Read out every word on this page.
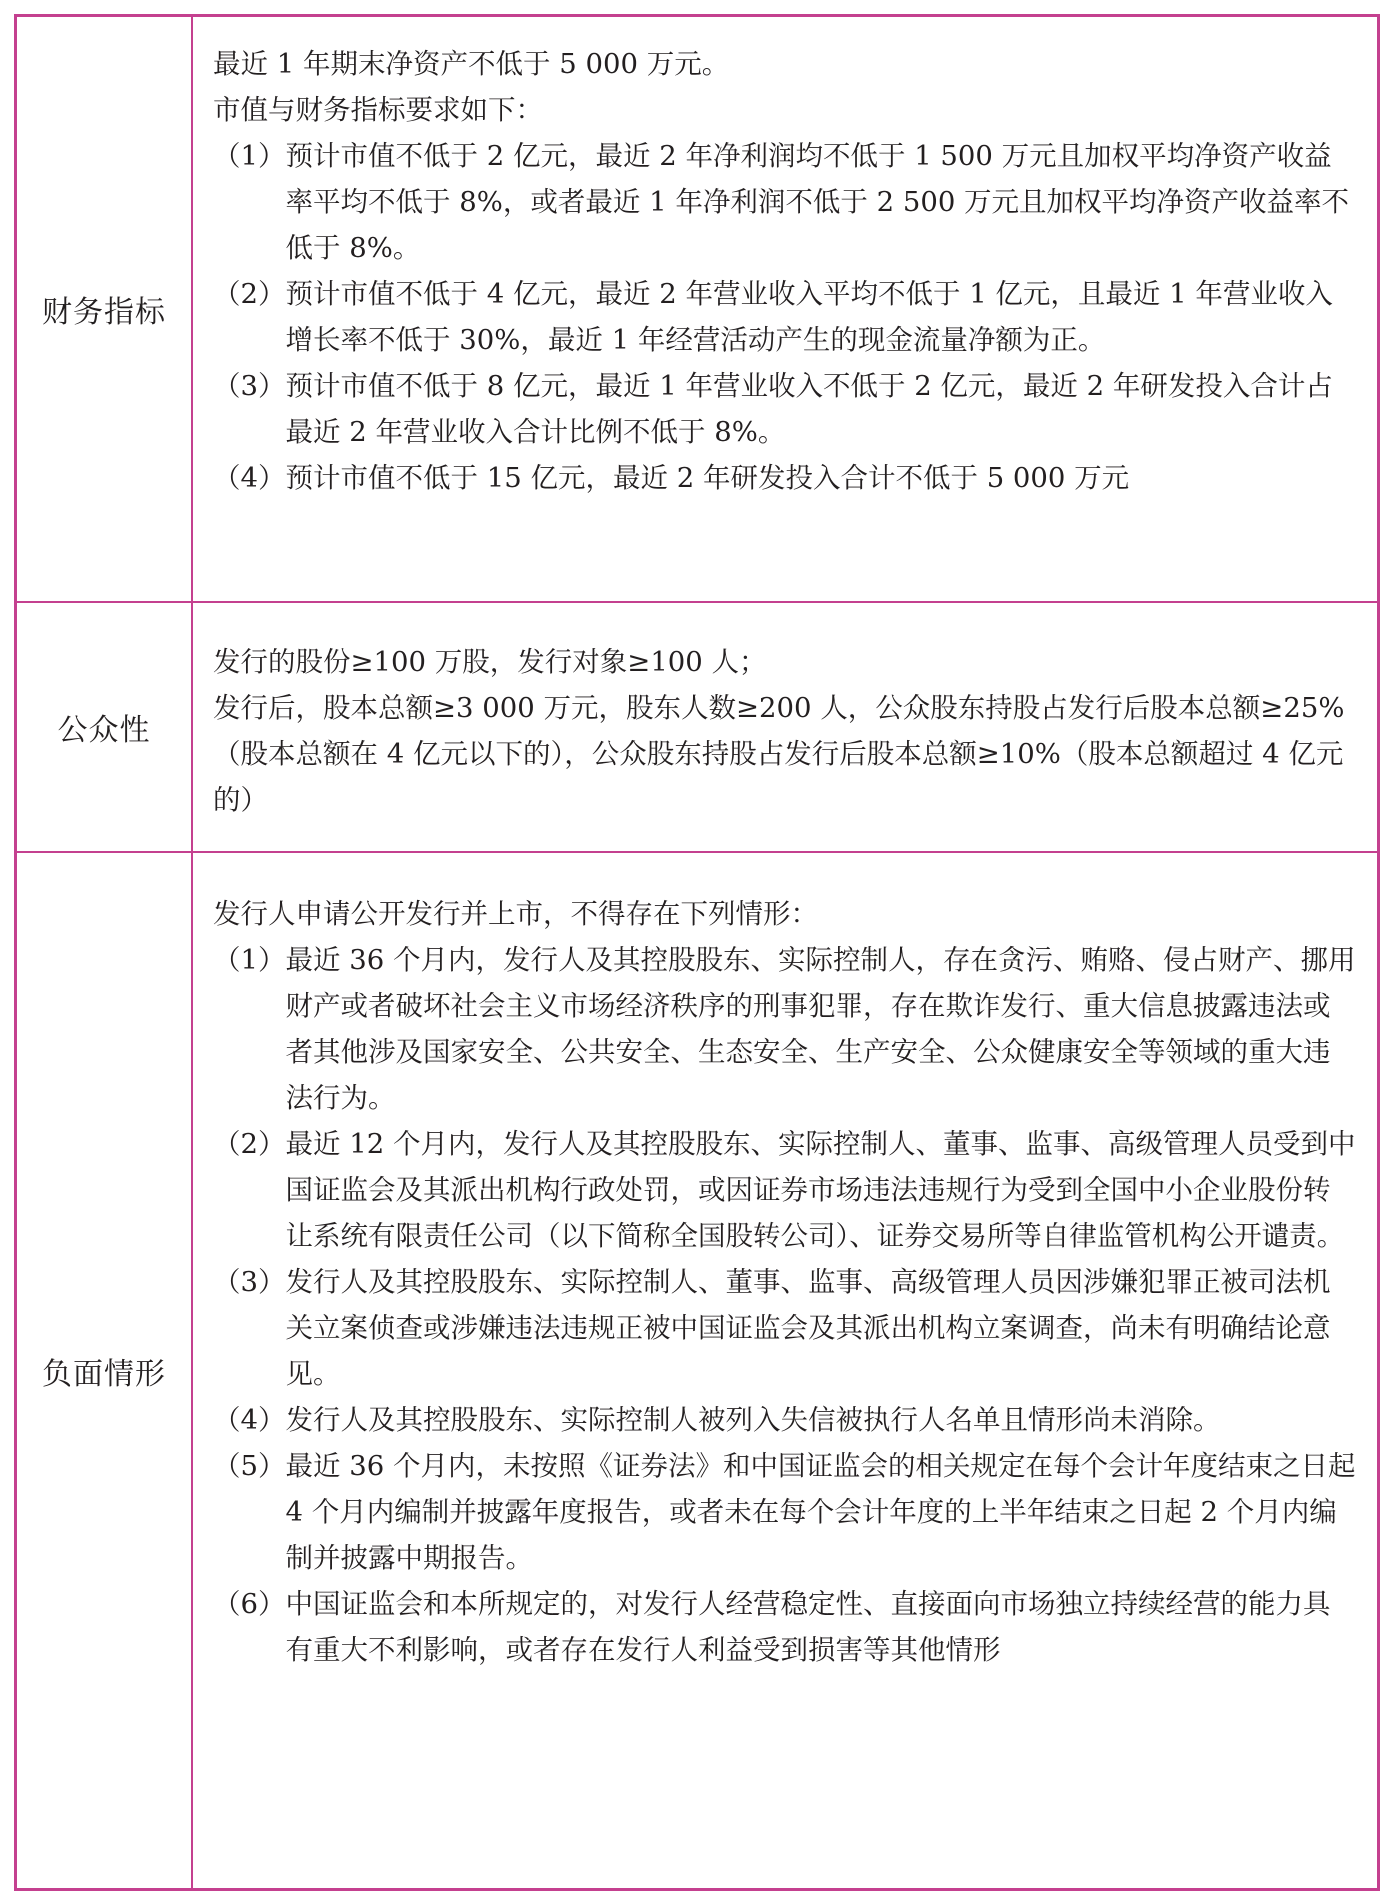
财务指标

最近 1 年期末净资产不低于 5 000 万元。

市值与财务指标要求如下：

（1） 预计市值不低于 2 亿元，最近 2 年净利润均不低于 1 500 万元且加权平均净资产收益率平均不低于 8%，或者最近 1 年净利润不低于 2 500 万元且加权平均净资产收益率不低于 8%。
（2） 预计市值不低于 4 亿元，最近 2 年营业收入平均不低于 1 亿元，且最近 1 年营业收入增长率不低于 30%，最近 1 年经营活动产生的现金流量净额为正。
（3） 预计市值不低于 8 亿元，最近 1 年营业收入不低于 2 亿元，最近 2 年研发投入合计占最近 2 年营业收入合计比例不低于 8%。
（4） 预计市值不低于 15 亿元，最近 2 年研发投入合计不低于 5 000 万元
公众性

发行的股份≥100 万股，发行对象≥100 人；

发行后，股本总额≥3 000 万元，股东人数≥200 人，公众股东持股占发行后股本总额≥25%（股本总额在 4 亿元以下的），公众股东持股占发行后股本总额≥10%（股本总额超过 4 亿元的）

负面情形

发行人申请公开发行并上市，不得存在下列情形：

（1） 最近 36 个月内，发行人及其控股股东、实际控制人，存在贪污、贿赂、侵占财产、挪用财产或者破坏社会主义市场经济秩序的刑事犯罪，存在欺诈发行、重大信息披露违法或者其他涉及国家安全、公共安全、生态安全、生产安全、公众健康安全等领域的重大违法行为。
（2） 最近 12 个月内，发行人及其控股股东、实际控制人、董事、监事、高级管理人员受到中国证监会及其派出机构行政处罚，或因证券市场违法违规行为受到全国中小企业股份转让系统有限责任公司（以下简称全国股转公司）、证券交易所等自律监管机构公开谴责。
（3） 发行人及其控股股东、实际控制人、董事、监事、高级管理人员因涉嫌犯罪正被司法机关立案侦查或涉嫌违法违规正被中国证监会及其派出机构立案调查，尚未有明确结论意见。
（4） 发行人及其控股股东、实际控制人被列入失信被执行人名单且情形尚未消除。
（5） 最近 36 个月内，未按照《证券法》和中国证监会的相关规定在每个会计年度结束之日起 4 个月内编制并披露年度报告，或者未在每个会计年度的上半年结束之日起 2 个月内编制并披露中期报告。
（6） 中国证监会和本所规定的，对发行人经营稳定性、直接面向市场独立持续经营的能力具有重大不利影响，或者存在发行人利益受到损害等其他情形
